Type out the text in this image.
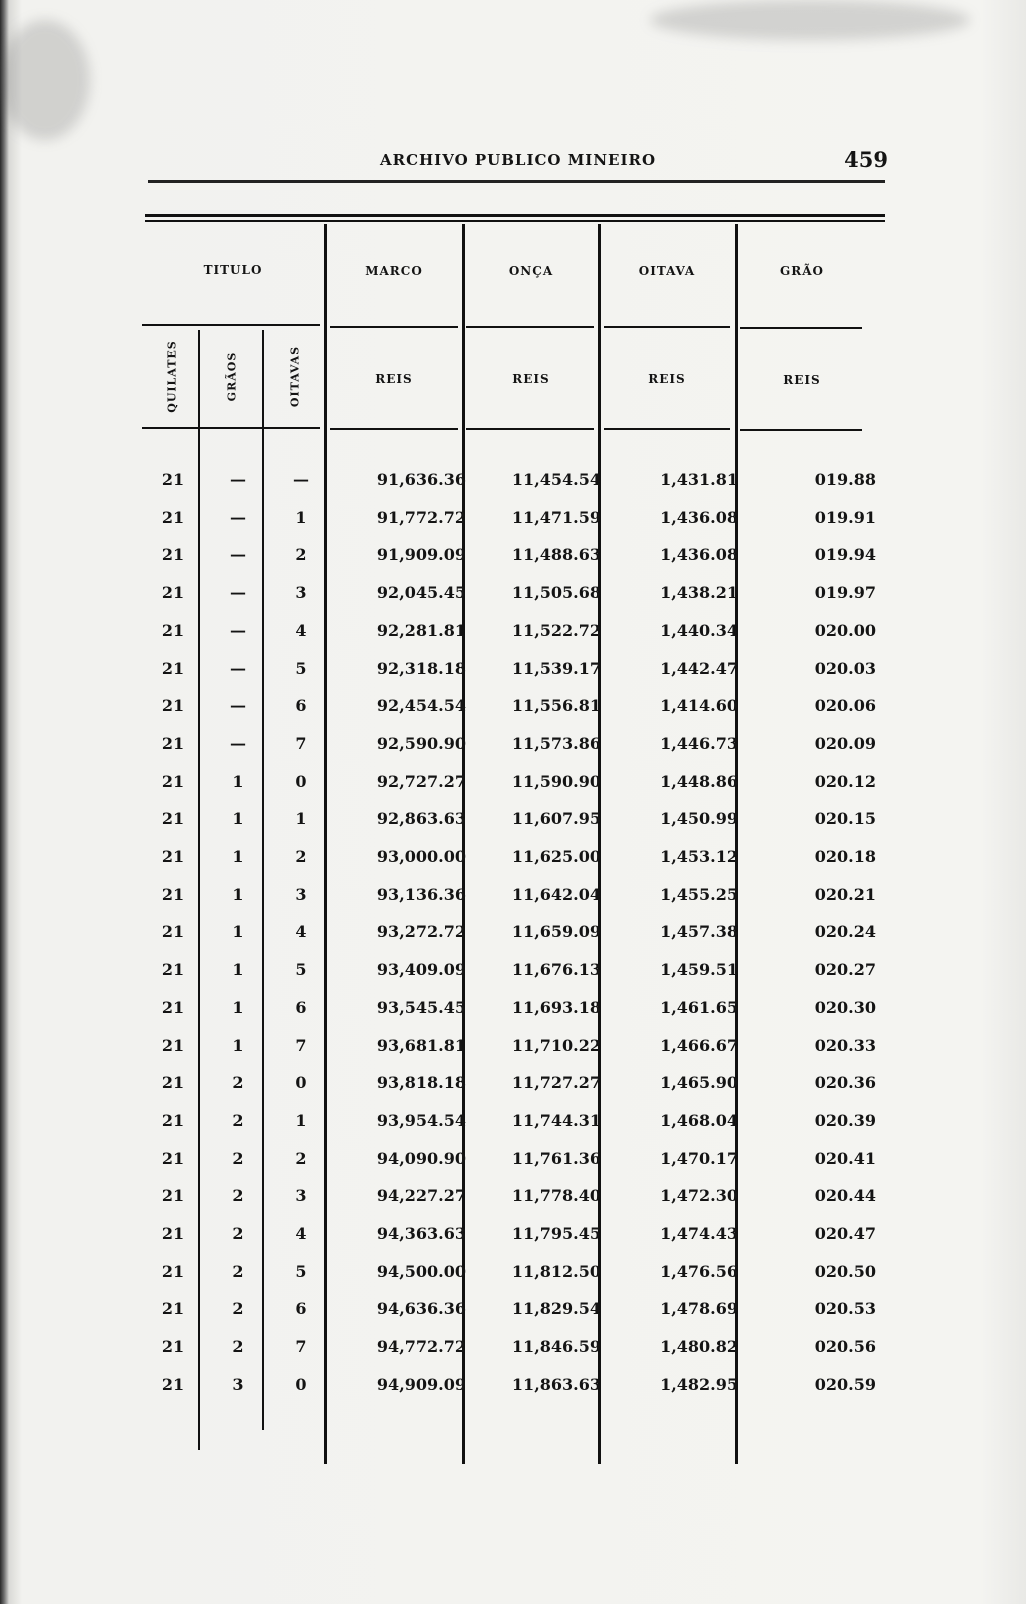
ARCHIVO PUBLICO MINEIRO	459
TITULO	MARCO	ONÇA	OITAVA	GRÃO
QUILATES	GRÃOS	OITAVAS	REIS	REIS	REIS	REIS
21	—	—	91,636.36	11,454.54	1,431.81	019.88
21	—	1	91,772.72	11,471.59	1,436.08	019.91
21	—	2	91,909.09	11,488.63	1,436.08	019.94
21	—	3	92,045.45	11,505.68	1,438.21	019.97
21	—	4	92,281.81	11,522.72	1,440.34	020.00
21	—	5	92,318.18	11,539.17	1,442.47	020.03
21	—	6	92,454.54	11,556.81	1,414.60	020.06
21	—	7	92,590.90	11,573.86	1,446.73	020.09
21	1	0	92,727.27	11,590.90	1,448.86	020.12
21	1	1	92,863.63	11,607.95	1,450.99	020.15
21	1	2	93,000.00	11,625.00	1,453.12	020.18
21	1	3	93,136.36	11,642.04	1,455.25	020.21
21	1	4	93,272.72	11,659.09	1,457.38	020.24
21	1	5	93,409.09	11,676.13	1,459.51	020.27
21	1	6	93,545.45	11,693.18	1,461.65	020.30
21	1	7	93,681.81	11,710.22	1,466.67	020.33
21	2	0	93,818.18	11,727.27	1,465.90	020.36
21	2	1	93,954.54	11,744.31	1,468.04	020.39
21	2	2	94,090.90	11,761.36	1,470.17	020.41
21	2	3	94,227.27	11,778.40	1,472.30	020.44
21	2	4	94,363.63	11,795.45	1,474.43	020.47
21	2	5	94,500.00	11,812.50	1,476.56	020.50
21	2	6	94,636.36	11,829.54	1,478.69	020.53
21	2	7	94,772.72	11,846.59	1,480.82	020.56
21	3	0	94,909.09	11,863.63	1,482.95	020.59
